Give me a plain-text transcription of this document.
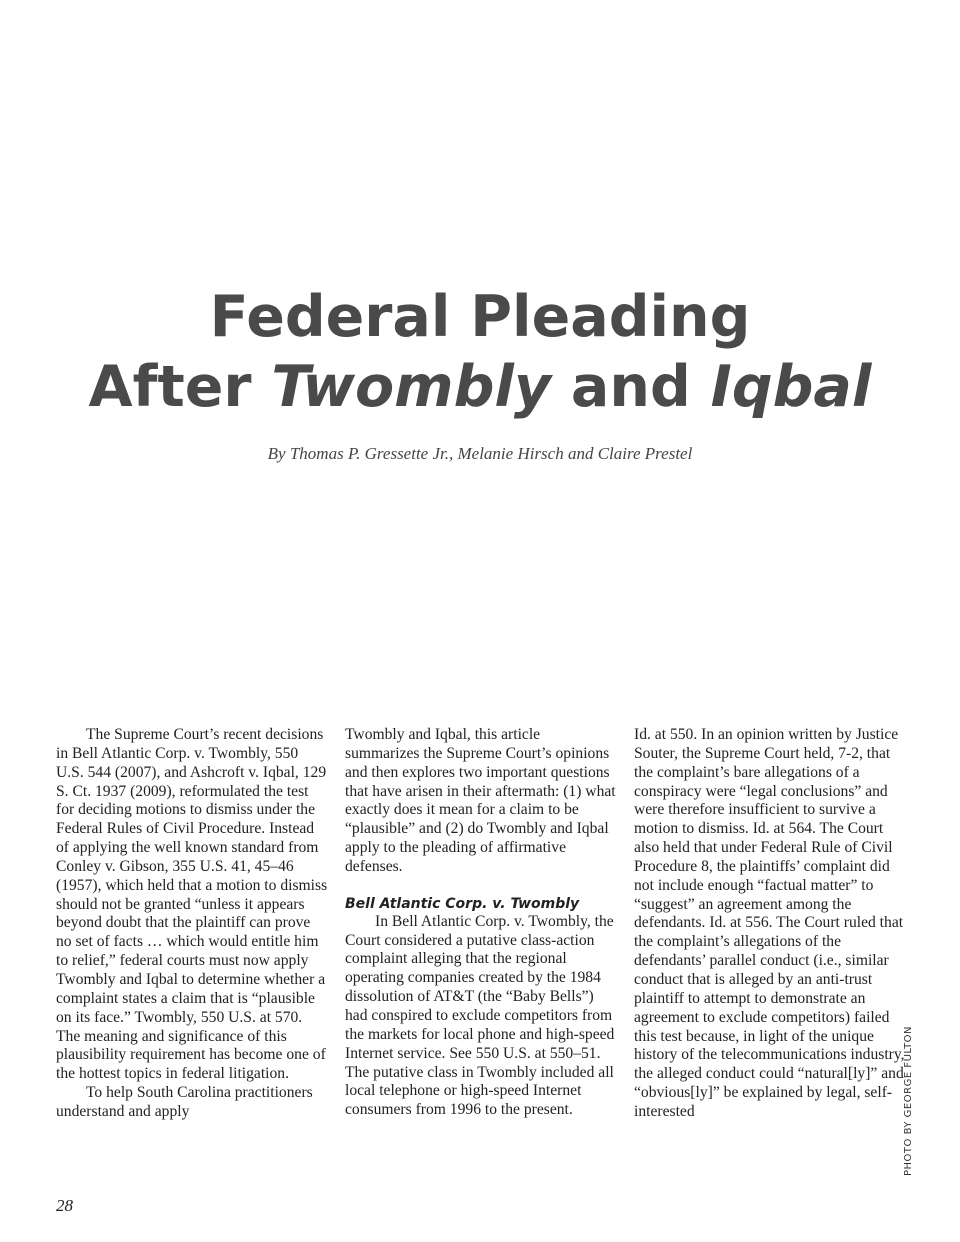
Federal Pleading
After Twombly and Iqbal

By Thomas P. Gressette Jr., Melanie Hirsch and Claire Prestel

The Supreme Court’s recent decisions in Bell Atlantic Corp. v. Twombly, 550 U.S. 544 (2007), and Ashcroft v. Iqbal, 129 S. Ct. 1937 (2009), reformulated the test for deciding motions to dismiss under the Federal Rules of Civil Procedure. Instead of applying the well known standard from Conley v. Gibson, 355 U.S. 41, 45–46 (1957), which held that a motion to dismiss should not be granted “unless it appears beyond doubt that the plaintiff can prove no set of facts … which would entitle him to relief,” federal courts must now apply Twombly and Iqbal to determine whether a complaint states a claim that is “plausible on its face.” Twombly, 550 U.S. at 570. The meaning and significance of this plausibility requirement has become one of the hottest topics in federal litigation.

To help South Carolina practitioners understand and apply

Twombly and Iqbal, this article summarizes the Supreme Court’s opinions and then explores two important questions that have arisen in their aftermath: (1) what exactly does it mean for a claim to be “plausible” and (2) do Twombly and Iqbal apply to the pleading of affirmative defenses.

Bell Atlantic Corp. v. Twombly

In Bell Atlantic Corp. v. Twombly, the Court considered a putative class-action complaint alleging that the regional operating companies created by the 1984 dissolution of AT&T (the “Baby Bells”) had conspired to exclude competitors from the markets for local phone and high-speed Internet service. See 550 U.S. at 550–51. The putative class in Twombly included all local telephone or high-speed Internet consumers from 1996 to the present.

Id. at 550. In an opinion written by Justice Souter, the Supreme Court held, 7-2, that the complaint’s bare allegations of a conspiracy were “legal conclusions” and were therefore insufficient to survive a motion to dismiss. Id. at 564. The Court also held that under Federal Rule of Civil Procedure 8, the plaintiffs’ complaint did not include enough “factual matter” to “suggest” an agreement among the defendants. Id. at 556. The Court ruled that the complaint’s allegations of the defendants’ parallel conduct (i.e., similar conduct that is alleged by an anti-trust plaintiff to attempt to demonstrate an agreement to exclude competitors) failed this test because, in light of the unique history of the telecommunications industry, the alleged conduct could “natural[ly]” and “obvious[ly]” be explained by legal, self-interested	PHOTO BY GEORGE FULTON
28
